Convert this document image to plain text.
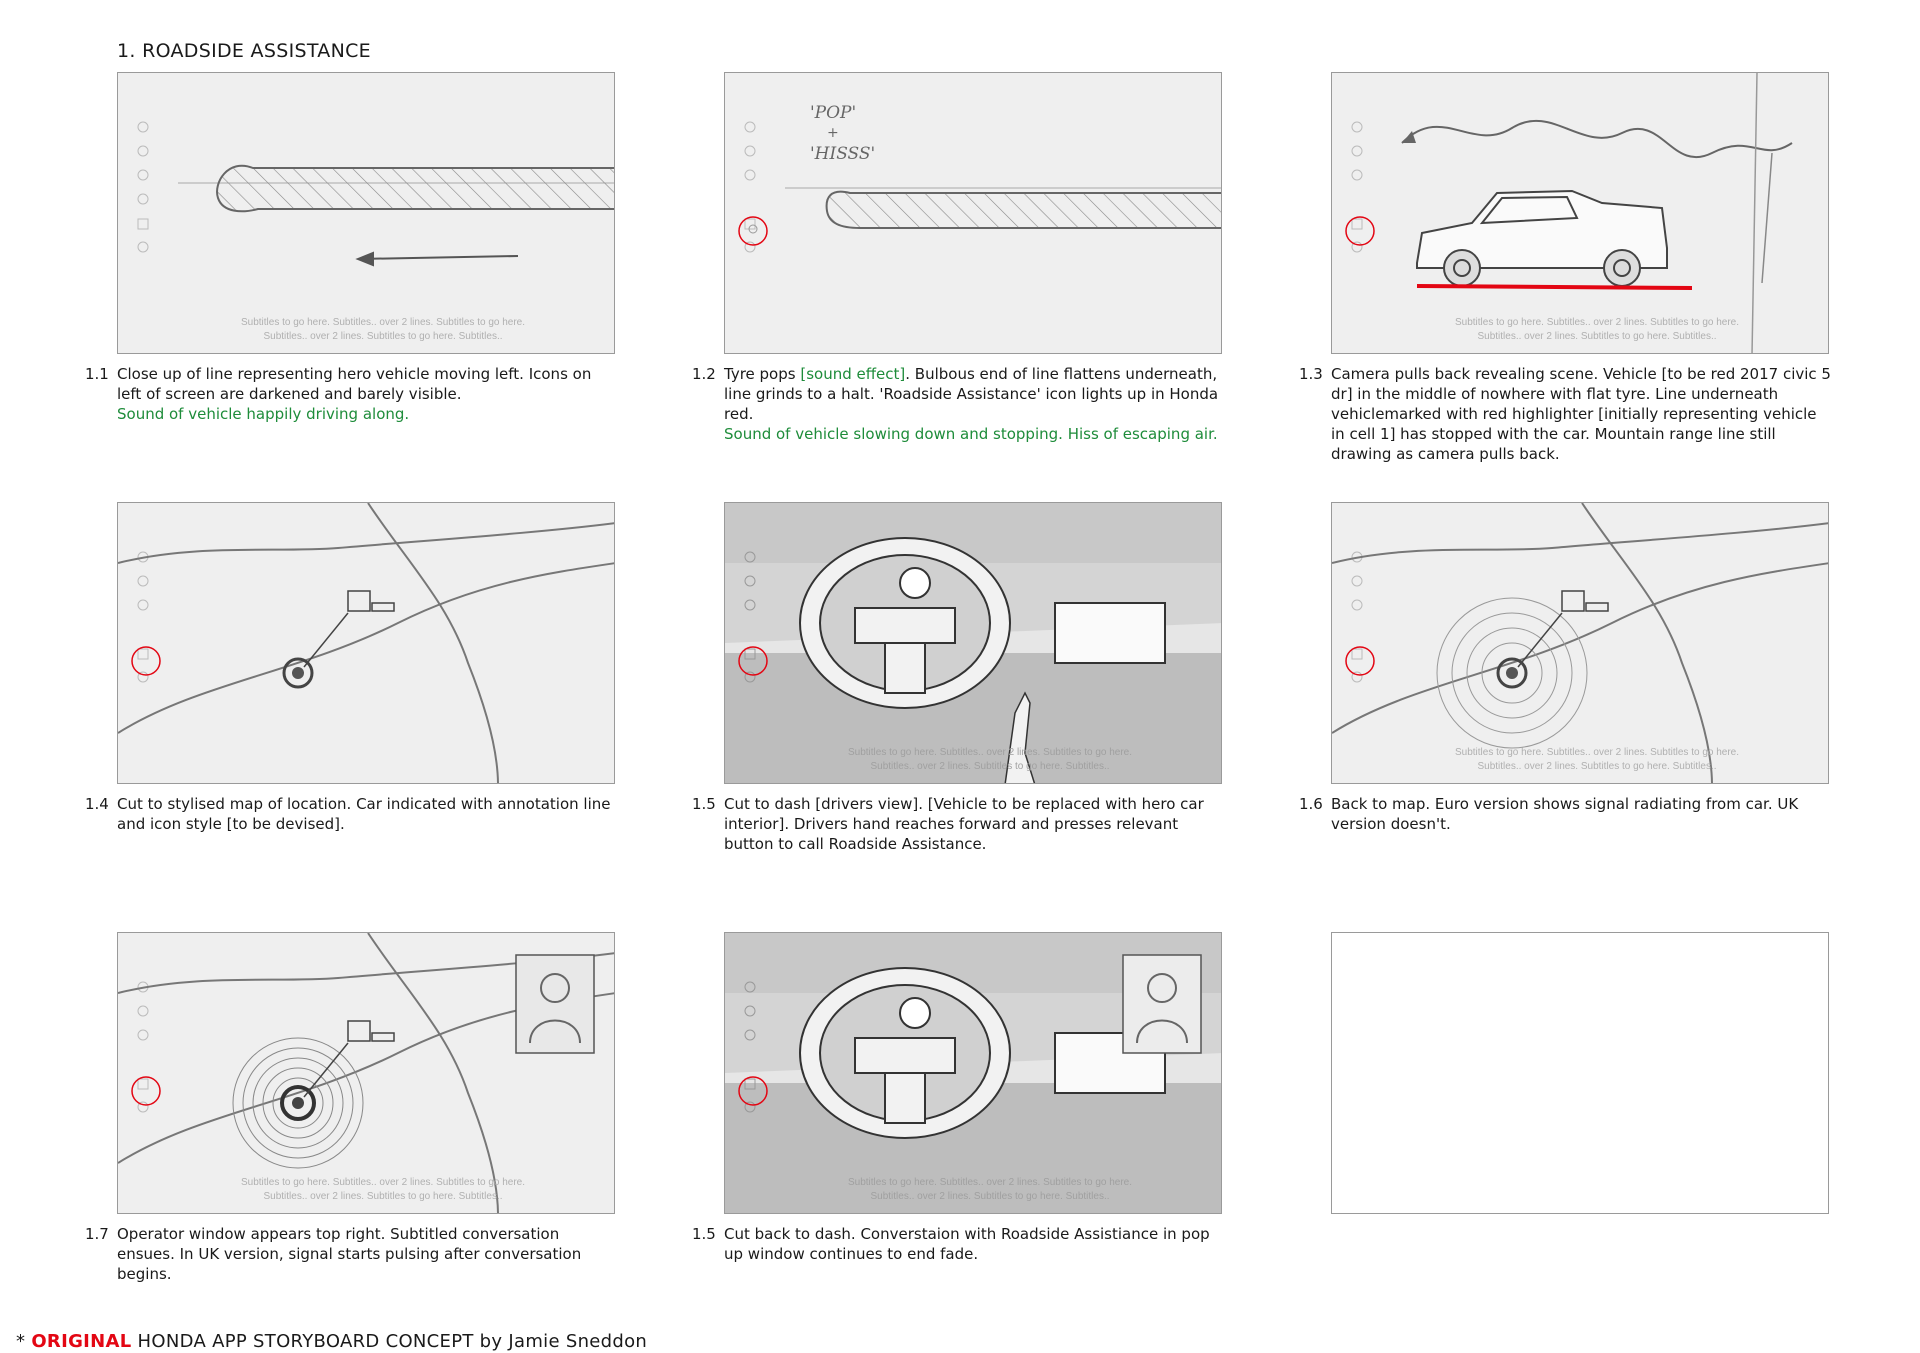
1. ROADSIDE ASSISTANCE
Subtitles to go here. Subtitles.. over 2 lines. Subtitles to go here.
Subtitles.. over 2 lines. Subtitles to go here. Subtitles..
1.1 Close up of line representing hero vehicle moving left. Icons on left of screen are darkened and barely visible.
Sound of vehicle happily driving along.
'POP'
+
'HISSS'
1.2 Tyre pops [sound effect]. Bulbous end of line flattens underneath, line grinds to a halt. 'Roadside Assistance' icon lights up in Honda red.
Sound of vehicle slowing down and stopping. Hiss of escaping air.
Subtitles to go here. Subtitles.. over 2 lines. Subtitles to go here.
Subtitles.. over 2 lines. Subtitles to go here. Subtitles..
1.3 Camera pulls back revealing scene. Vehicle [to be red 2017 civic 5 dr] in the middle of nowhere with flat tyre. Line underneath vehiclemarked with red highlighter [initially representing vehicle in cell 1] has stopped with the car. Mountain range line still drawing as camera pulls back.
1.4 Cut to stylised map of location. Car indicated with annotation line and icon style [to be devised].
Subtitles to go here. Subtitles.. over 2 lines. Subtitles to go here.
Subtitles.. over 2 lines. Subtitles to go here. Subtitles..
1.5 Cut to dash [drivers view]. [Vehicle to be replaced with hero car interior]. Drivers hand reaches forward and presses relevant button to call Roadside Assistance.
Subtitles to go here. Subtitles.. over 2 lines. Subtitles to go here.
Subtitles.. over 2 lines. Subtitles to go here. Subtitles..
1.6 Back to map. Euro version shows signal radiating from car. UK version doesn't.
Subtitles to go here. Subtitles.. over 2 lines. Subtitles to go here.
Subtitles.. over 2 lines. Subtitles to go here. Subtitles..
1.7 Operator window appears top right. Subtitled conversation ensues. In UK version, signal starts pulsing after conversation begins.
Subtitles to go here. Subtitles.. over 2 lines. Subtitles to go here.
Subtitles.. over 2 lines. Subtitles to go here. Subtitles..
1.5 Cut back to dash. Converstaion with Roadside Assistiance in pop up window continues to end fade.
* ORIGINAL HONDA APP STORYBOARD CONCEPT by Jamie Sneddon
